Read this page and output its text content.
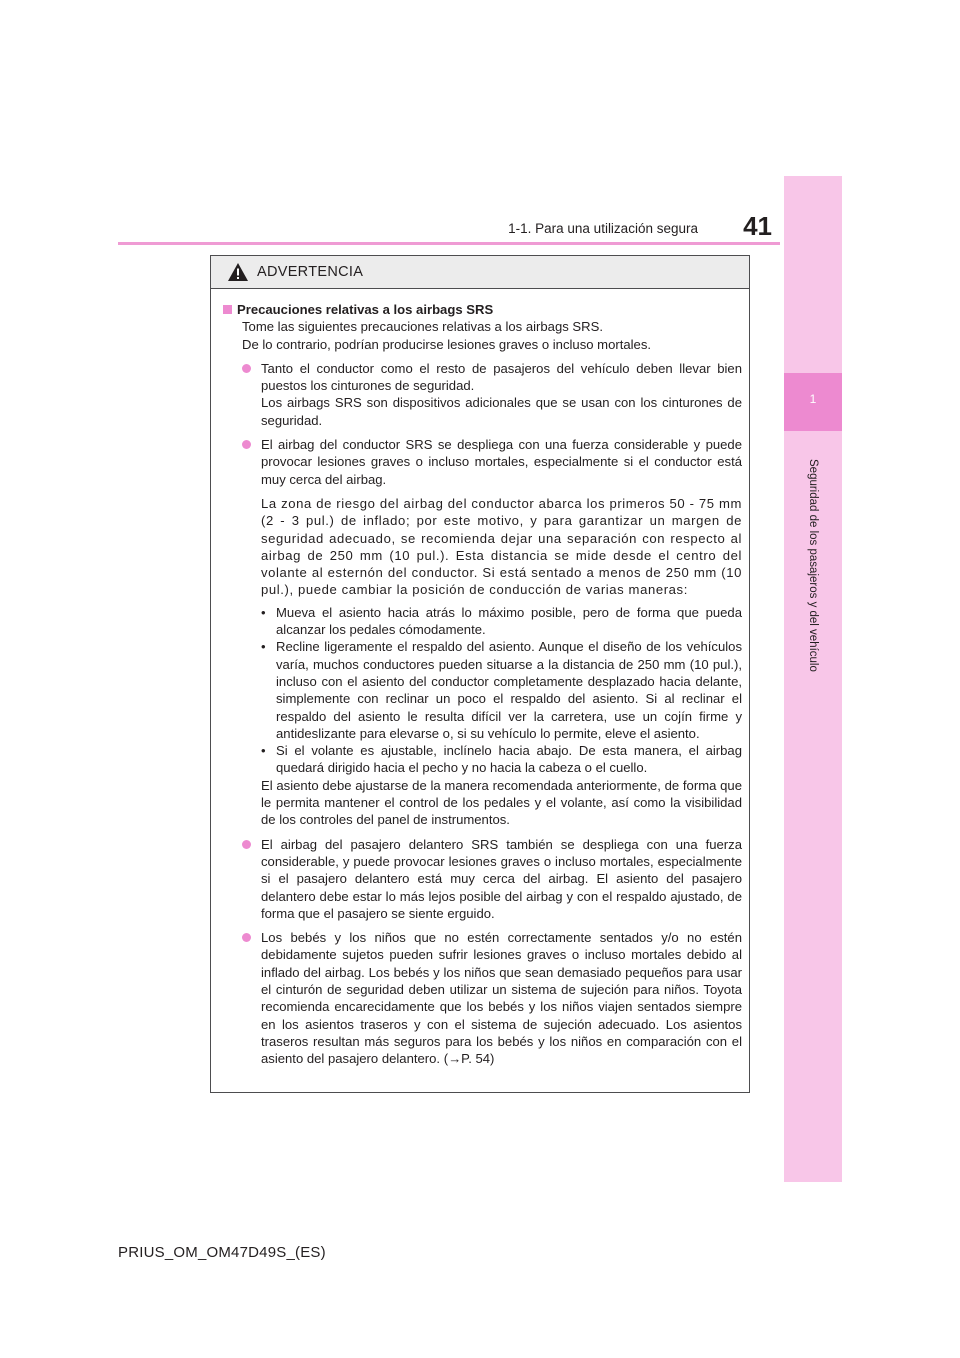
41
1-1. Para una utilización segura
1
Seguridad de los pasajeros y del vehículo
ADVERTENCIA
Precauciones relativas a los airbags SRS
Tome las siguientes precauciones relativas a los airbags SRS.
De lo contrario, podrían producirse lesiones graves o incluso mortales.
Tanto el conductor como el resto de pasajeros del vehículo deben llevar bien puestos los cinturones de seguridad.
Los airbags SRS son dispositivos adicionales que se usan con los cinturones de seguridad.
El airbag del conductor SRS se despliega con una fuerza considerable y puede provocar lesiones graves o incluso mortales, especialmente si el conductor está muy cerca del airbag.
La zona de riesgo del airbag del conductor abarca los primeros 50 - 75 mm (2 - 3 pul.) de inflado; por este motivo, y para garantizar un margen de seguridad adecuado, se recomienda dejar una separación con respecto al airbag de 250 mm (10 pul.). Esta distancia se mide desde el centro del volante al esternón del conductor. Si está sentado a menos de 250 mm (10 pul.), puede cambiar la posición de conducción de varias maneras:
• Mueva el asiento hacia atrás lo máximo posible, pero de forma que pueda alcanzar los pedales cómodamente.
• Recline ligeramente el respaldo del asiento. Aunque el diseño de los vehículos varía, muchos conductores pueden situarse a la distancia de 250 mm (10 pul.), incluso con el asiento del conductor completamente desplazado hacia delante, simplemente con reclinar un poco el respaldo del asiento. Si al reclinar el respaldo del asiento le resulta difícil ver la carretera, use un cojín firme y antideslizante para elevarse o, si su vehículo lo permite, eleve el asiento.
• Si el volante es ajustable, inclínelo hacia abajo. De esta manera, el airbag quedará dirigido hacia el pecho y no hacia la cabeza o el cuello.
El asiento debe ajustarse de la manera recomendada anteriormente, de forma que le permita mantener el control de los pedales y el volante, así como la visibilidad de los controles del panel de instrumentos.
El airbag del pasajero delantero SRS también se despliega con una fuerza considerable, y puede provocar lesiones graves o incluso mortales, especialmente si el pasajero delantero está muy cerca del airbag. El asiento del pasajero delantero debe estar lo más lejos posible del airbag y con el respaldo ajustado, de forma que el pasajero se siente erguido.
Los bebés y los niños que no estén correctamente sentados y/o no estén debidamente sujetos pueden sufrir lesiones graves o incluso mortales debido al inflado del airbag. Los bebés y los niños que sean demasiado pequeños para usar el cinturón de seguridad deben utilizar un sistema de sujeción para niños. Toyota recomienda encarecidamente que los bebés y los niños viajen sentados siempre en los asientos traseros y con el sistema de sujeción adecuado. Los asientos traseros resultan más seguros para los bebés y los niños en comparación con el asiento del pasajero delantero. (→P. 54)
PRIUS_OM_OM47D49S_(ES)
